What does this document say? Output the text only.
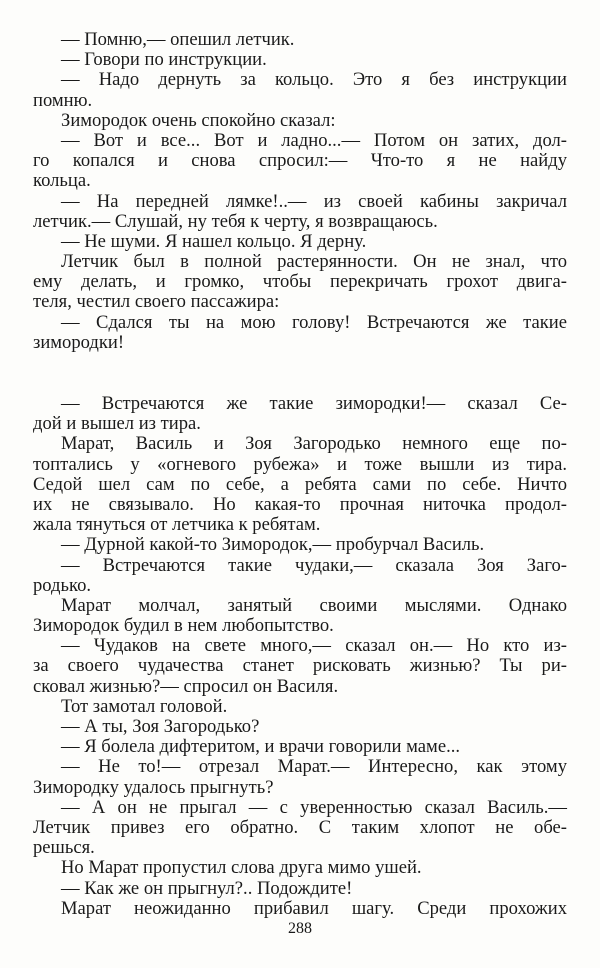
— Помню,— опешил летчик.
— Говори по инструкции.
— Надо дернуть за кольцо. Это я без инструкции
помню.
Зимородок очень спокойно сказал:
— Вот и все... Вот и ладно...— Потом он затих, дол-
го копался и снова спросил:— Что-то я не найду
кольца.
— На передней лямке!..— из своей кабины закричал
летчик.— Слушай, ну тебя к черту, я возвращаюсь.
— Не шуми. Я нашел кольцо. Я дерну.
Летчик был в полной растерянности. Он не знал, что
ему делать, и громко, чтобы перекричать грохот двига-
теля, честил своего пассажира:
— Сдался ты на мою голову! Встречаются же такие
зимородки!
— Встречаются же такие зимородки!— сказал Се-
дой и вышел из тира.
Марат, Василь и Зоя Загородько немного еще по-
топтались у «огневого рубежа» и тоже вышли из тира.
Седой шел сам по себе, а ребята сами по себе. Ничто
их не связывало. Но какая-то прочная ниточка продол-
жала тянуться от летчика к ребятам.
— Дурной какой-то Зимородок,— пробурчал Василь.
— Встречаются такие чудаки,— сказала Зоя Заго-
родько.
Марат молчал, занятый своими мыслями. Однако
Зимородок будил в нем любопытство.
— Чудаков на свете много,— сказал он.— Но кто из-
за своего чудачества станет рисковать жизнью? Ты ри-
сковал жизнью?— спросил он Василя.
Тот замотал головой.
— А ты, Зоя Загородько?
— Я болела дифтеритом, и врачи говорили маме...
— Не то!— отрезал Марат.— Интересно, как этому
Зимородку удалось прыгнуть?
— А он не прыгал — с уверенностью сказал Василь.—
Летчик привез его обратно. С таким хлопот не обе-
решься.
Но Марат пропустил слова друга мимо ушей.
— Как же он прыгнул?.. Подождите!
Марат неожиданно прибавил шагу. Среди прохожих
288
